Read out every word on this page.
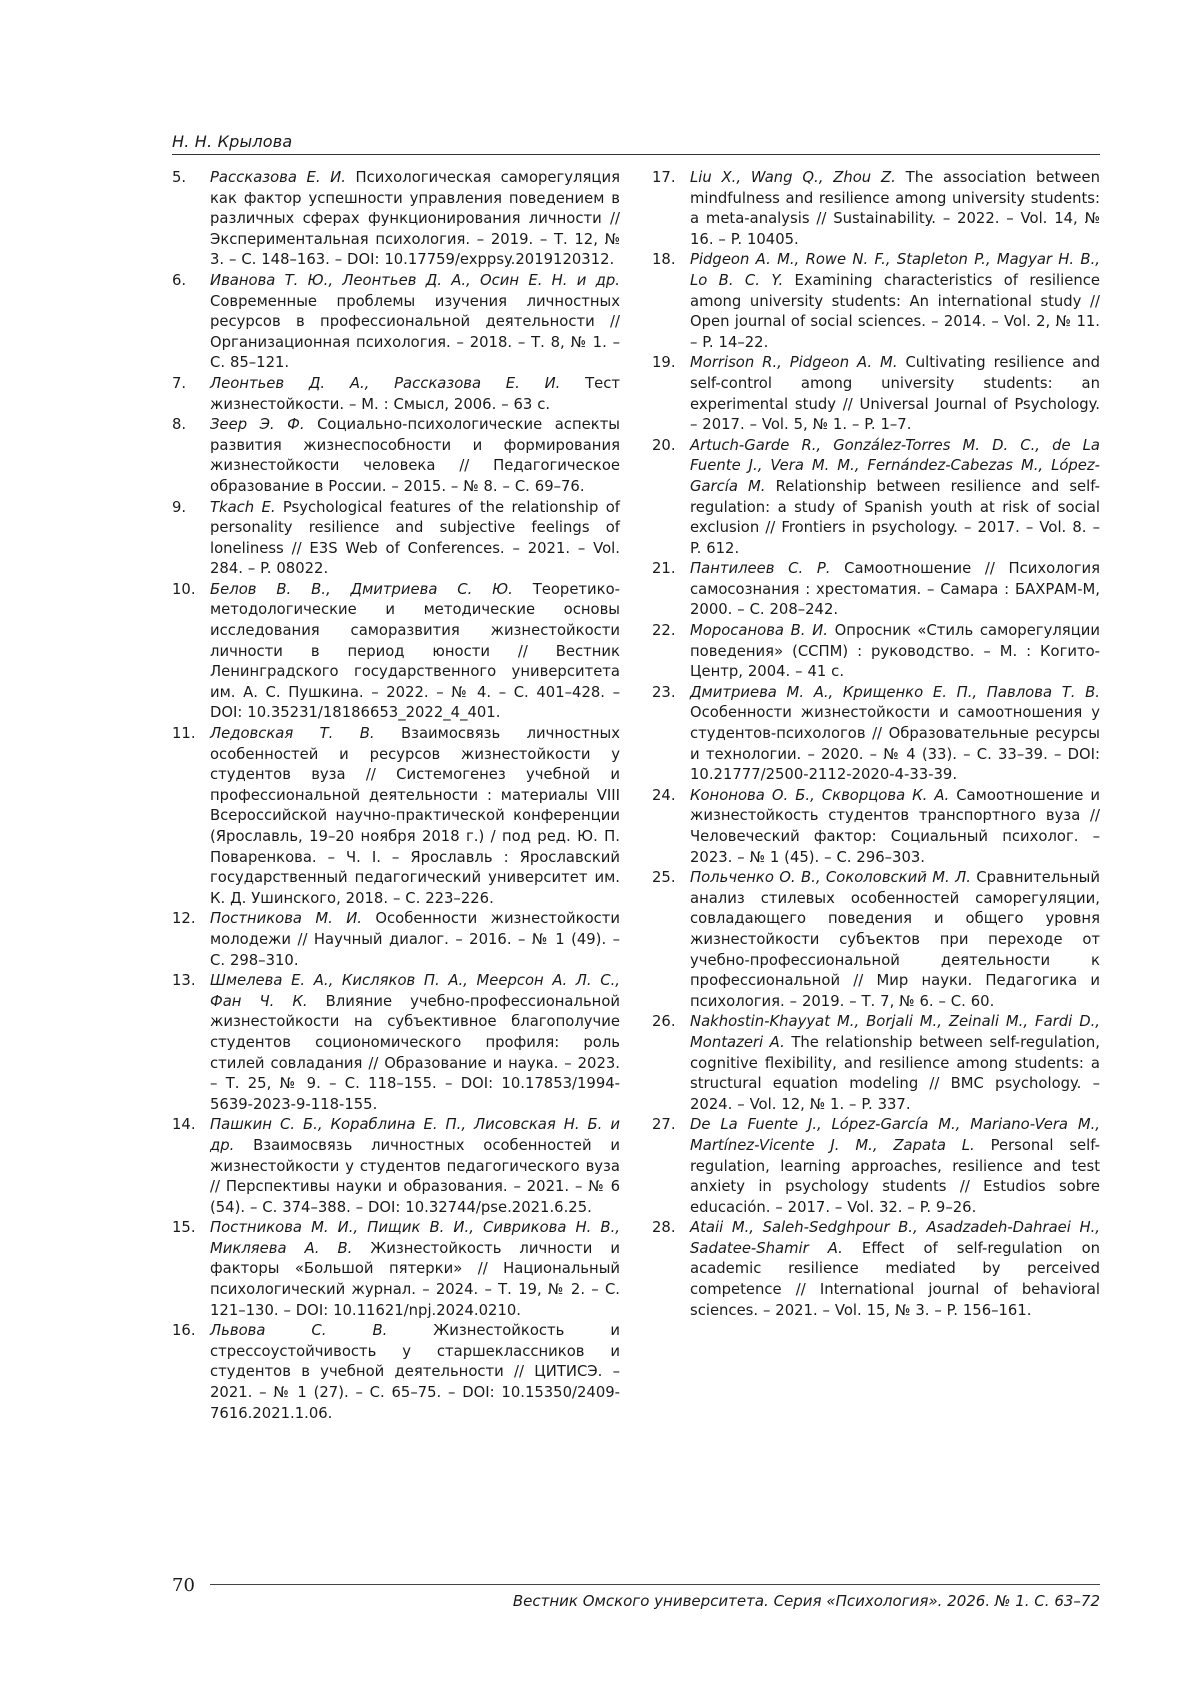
Н. Н. Крылова

5. Рассказова Е. И. Психологическая саморегуляция как фактор успешности управления поведением в различных сферах функционирования личности // Экспериментальная психология. – 2019. – Т. 12, № 3. – С. 148–163. – DOI: 10.17759/exppsy.2019120312.

6. Иванова Т. Ю., Леонтьев Д. А., Осин Е. Н. и др. Современные проблемы изучения личностных ресурсов в профессиональной деятельности // Организационная психология. – 2018. – Т. 8, № 1. – С. 85–121.

7. Леонтьев Д. А., Рассказова Е. И. Тест жизнестойкости. – М. : Смысл, 2006. – 63 с.

8. Зеер Э. Ф. Социально-психологические аспекты развития жизнеспособности и формирования жизнестойкости человека // Педагогическое образование в России. – 2015. – № 8. – С. 69–76.

9. Tkach E. Psychological features of the relationship of personality resilience and subjective feelings of loneliness // E3S Web of Conferences. – 2021. – Vol. 284. – P. 08022.

10. Белов В. В., Дмитриева С. Ю. Теоретико-методологические и методические основы исследования саморазвития жизнестойкости личности в период юности // Вестник Ленинградского государственного университета им. А. С. Пушкина. – 2022. – № 4. – С. 401–428. – DOI: 10.35231/18186653_2022_4_401.

11. Ледовская Т. В. Взаимосвязь личностных особенностей и ресурсов жизнестойкости у студентов вуза // Системогенез учебной и профессиональной деятельности : материалы VIII Всероссийской научно-практической конференции (Ярославль, 19–20 ноября 2018 г.) / под ред. Ю. П. Поваренкова. – Ч. I. – Ярославль : Ярославский государственный педагогический университет им. К. Д. Ушинского, 2018. – С. 223–226.

12. Постникова М. И. Особенности жизнестойкости молодежи // Научный диалог. – 2016. – № 1 (49). – С. 298–310.

13. Шмелева Е. А., Кисляков П. А., Меерсон А. Л. С., Фан Ч. К. Влияние учебно-профессиональной жизнестойкости на субъективное благополучие студентов социономического профиля: роль стилей совладания // Образование и наука. – 2023. – Т. 25, № 9. – С. 118–155. – DOI: 10.17853/1994-5639-2023-9-118-155.

14. Пашкин С. Б., Кораблина Е. П., Лисовская Н. Б. и др. Взаимосвязь личностных особенностей и жизнестойкости у студентов педагогического вуза // Перспективы науки и образования. – 2021. – № 6 (54). – С. 374–388. – DOI: 10.32744/pse.2021.6.25.

15. Постникова М. И., Пищик В. И., Сиврикова Н. В., Микляева А. В. Жизнестойкость личности и факторы «Большой пятерки» // Национальный психологический журнал. – 2024. – Т. 19, № 2. – С. 121–130. – DOI: 10.11621/npj.2024.0210.

16. Львова С. В. Жизнестойкость и стрессоустойчивость у старшеклассников и студентов в учебной деятельности // ЦИТИСЭ. – 2021. – № 1 (27). – С. 65–75. – DOI: 10.15350/2409-7616.2021.1.06.

17. Liu X., Wang Q., Zhou Z. The association between mindfulness and resilience among university students: a meta-analysis // Sustainability. – 2022. – Vol. 14, № 16. – P. 10405.

18. Pidgeon A. M., Rowe N. F., Stapleton P., Magyar H. B., Lo B. C. Y. Examining characteristics of resilience among university students: An international study // Open journal of social sciences. – 2014. – Vol. 2, № 11. – P. 14–22.

19. Morrison R., Pidgeon A. M. Cultivating resilience and self-control among university students: an experimental study // Universal Journal of Psychology. – 2017. – Vol. 5, № 1. – P. 1–7.

20. Artuch-Garde R., González-Torres M. D. C., de La Fuente J., Vera M. M., Fernández-Cabezas M., López-García M. Relationship between resilience and self-regulation: a study of Spanish youth at risk of social exclusion // Frontiers in psychology. – 2017. – Vol. 8. – P. 612.

21. Пантилеев С. Р. Самоотношение // Психология самосознания : хрестоматия. – Самара : БАХРАМ-М, 2000. – С. 208–242.

22. Моросанова В. И. Опросник «Стиль саморегуляции поведения» (ССПМ) : руководство. – М. : Когито-Центр, 2004. – 41 с.

23. Дмитриева М. А., Крищенко Е. П., Павлова Т. В. Особенности жизнестойкости и самоотношения у студентов-психологов // Образовательные ресурсы и технологии. – 2020. – № 4 (33). – С. 33–39. – DOI: 10.21777/2500-2112-2020-4-33-39.

24. Кононова О. Б., Скворцова К. А. Самоотношение и жизнестойкость студентов транспортного вуза // Человеческий фактор: Социальный психолог. – 2023. – № 1 (45). – С. 296–303.

25. Польченко О. В., Соколовский М. Л. Сравнительный анализ стилевых особенностей саморегуляции, совладающего поведения и общего уровня жизнестойкости субъектов при переходе от учебно-профессиональной деятельности к профессиональной // Мир науки. Педагогика и психология. – 2019. – Т. 7, № 6. – С. 60.

26. Nakhostin-Khayyat M., Borjali M., Zeinali M., Fardi D., Montazeri A. The relationship between self-regulation, cognitive flexibility, and resilience among students: a structural equation modeling // BMC psychology. – 2024. – Vol. 12, № 1. – P. 337.

27. De La Fuente J., López-García M., Mariano-Vera M., Martínez-Vicente J. M., Zapata L. Personal self-regulation, learning approaches, resilience and test anxiety in psychology students // Estudios sobre educación. – 2017. – Vol. 32. – P. 9–26.

28. Ataii M., Saleh-Sedghpour B., Asadzadeh-Dahraei H., Sadatee-Shamir A. Effect of self-regulation on academic resilience mediated by perceived competence // International journal of behavioral sciences. – 2021. – Vol. 15, № 3. – P. 156–161.

70
Вестник Омского университета. Серия «Психология». 2026. № 1. С. 63–72
